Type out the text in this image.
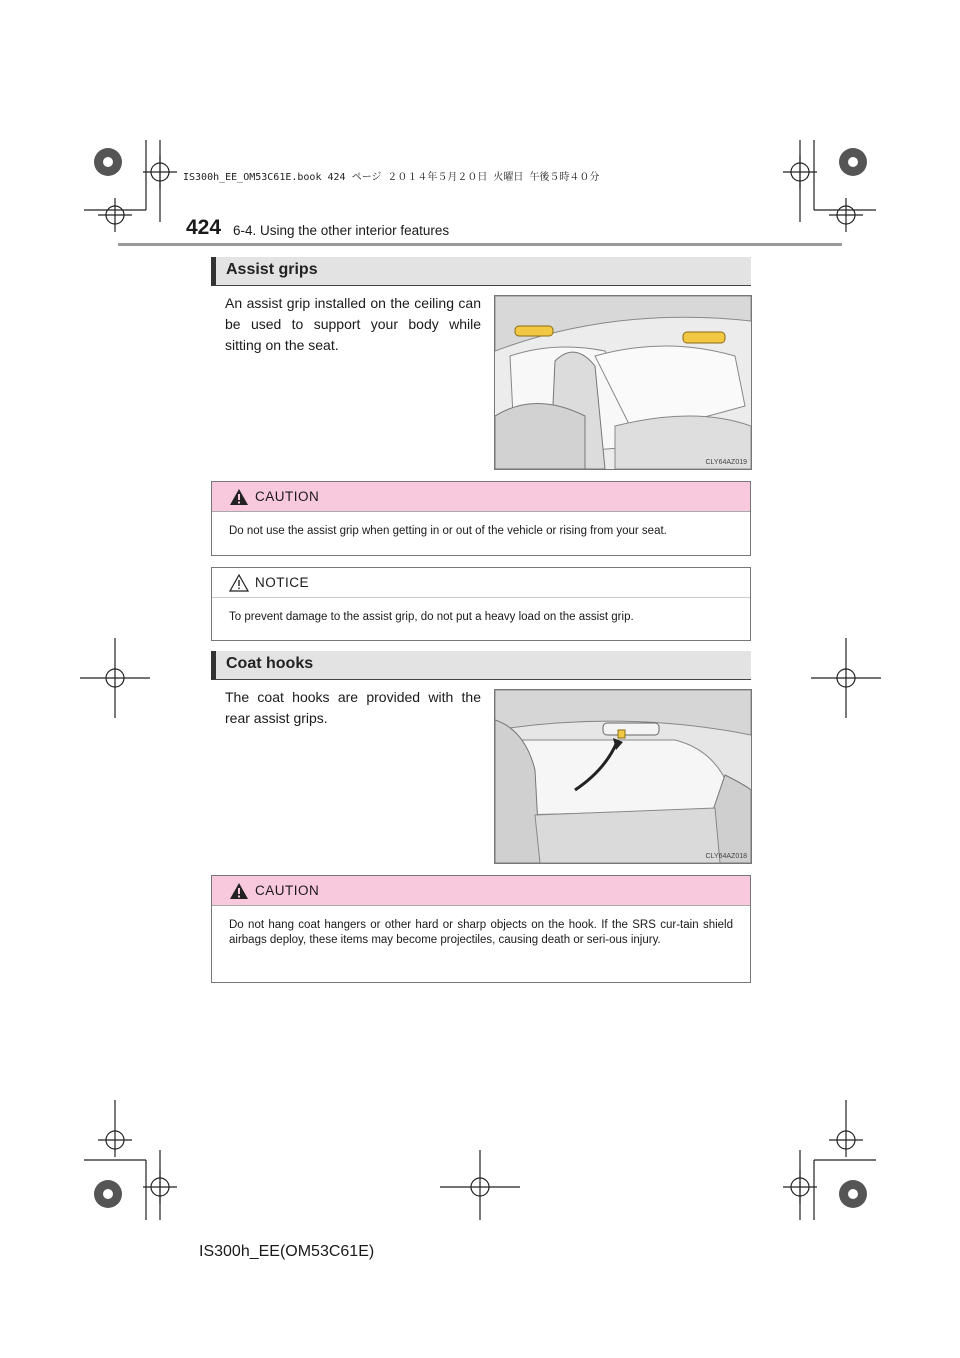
IS300h_EE_OM53C61E.book 424 ページ ２０１４年５月２０日 火曜日 午後５時４０分
424 6-4. Using the other interior features
Assist grips
An assist grip installed on the ceiling can be used to support your body while sitting on the seat.
CLY64AZ019
CAUTION
Do not use the assist grip when getting in or out of the vehicle or rising from your seat.
NOTICE
To prevent damage to the assist grip, do not put a heavy load on the assist grip.
Coat hooks
The coat hooks are provided with the rear assist grips.
CLY64AZ018
CAUTION
Do not hang coat hangers or other hard or sharp objects on the hook. If the SRS cur-tain shield airbags deploy, these items may become projectiles, causing death or seri-ous injury.
IS300h_EE(OM53C61E)
